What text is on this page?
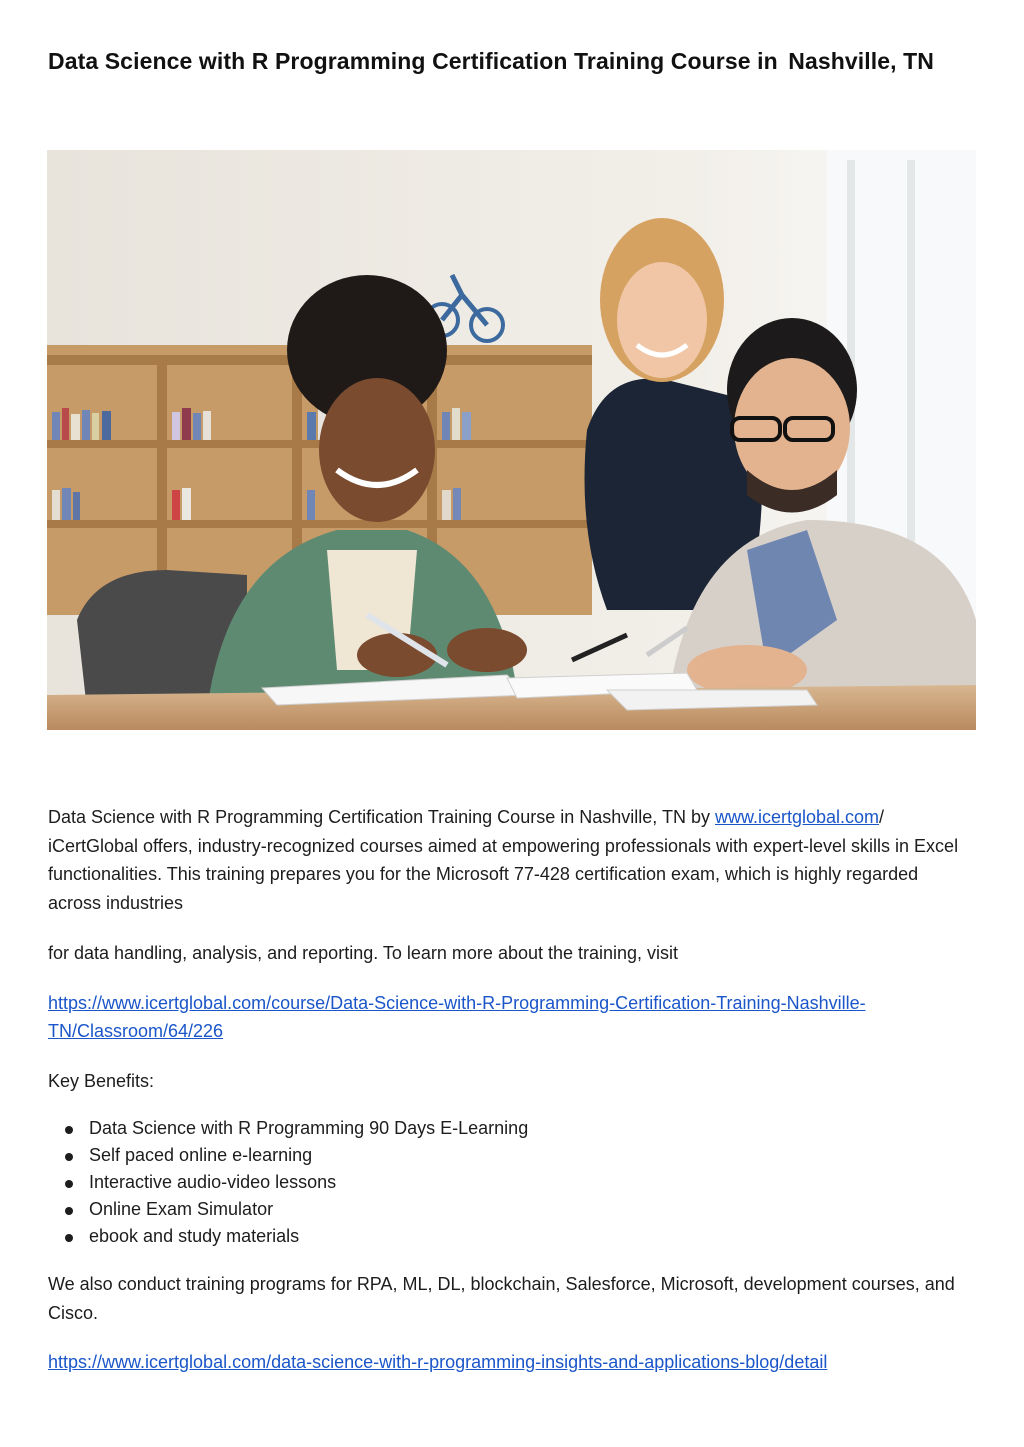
Data Science with R Programming Certification Training Course in Nashville, TN

Data Science with R Programming Certification Training Course in Nashville, TN by www.icertglobal.com/ iCertGlobal offers, industry-recognized courses aimed at empowering professionals with expert-level skills in Excel functionalities. This training prepares you for the Microsoft 77-428 certification exam, which is highly regarded across industries

for data handling, analysis, and reporting. To learn more about the training, visit

https://www.icertglobal.com/course/Data-Science-with-R-Programming-Certification-Training-Nashville-TN/Classroom/64/226

Key Benefits:

Data Science with R Programming 90 Days E-Learning
Self paced online e-learning
Interactive audio-video lessons
Online Exam Simulator
ebook and study materials

We also conduct training programs for RPA, ML, DL, blockchain, Salesforce, Microsoft, development courses, and Cisco.

https://www.icertglobal.com/data-science-with-r-programming-insights-and-applications-blog/detail
